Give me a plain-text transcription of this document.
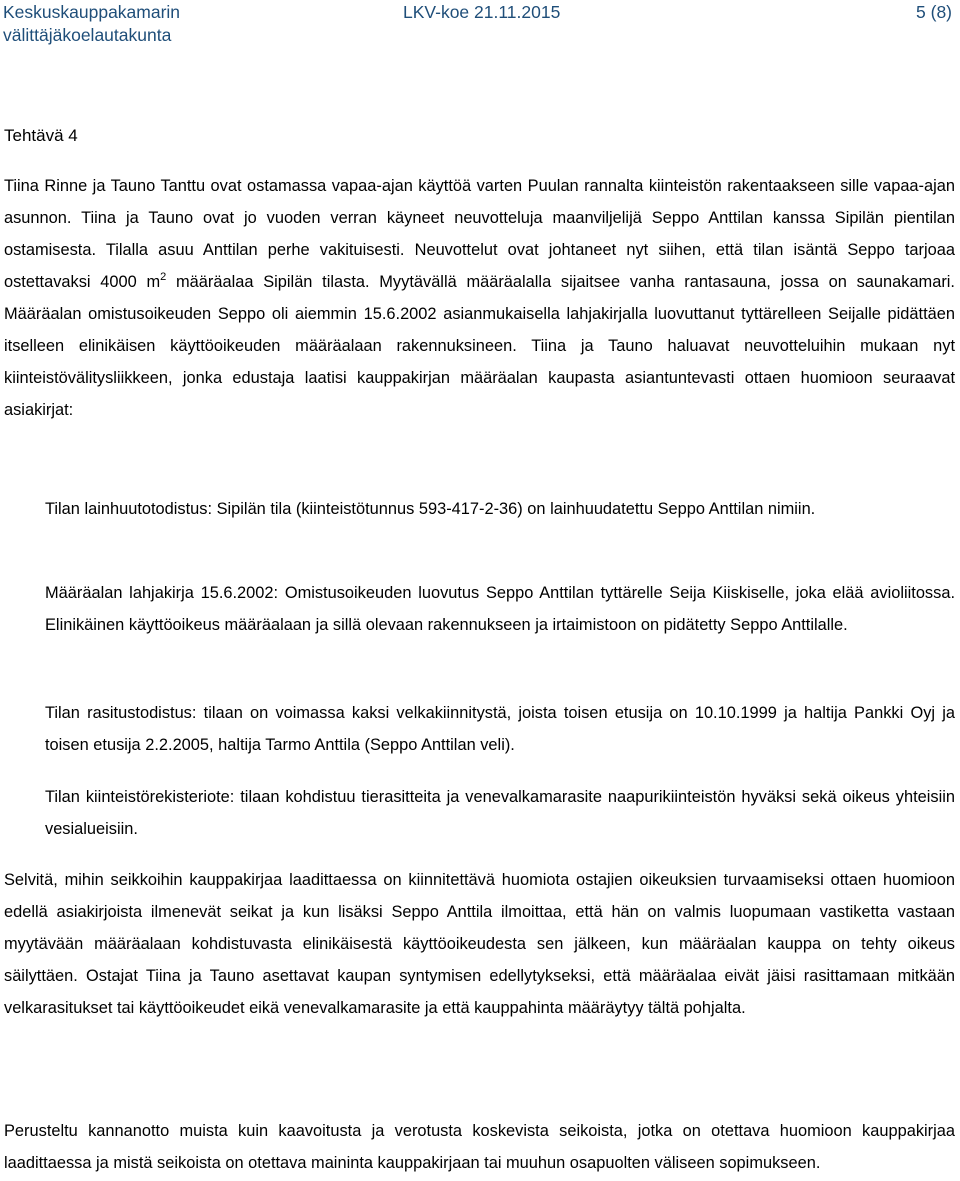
Keskuskauppakamarin
välittäjäkoelautakunta
LKV-koe 21.11.2015	5 (8)
Tehtävä 4
Tiina Rinne ja Tauno Tanttu ovat ostamassa vapaa-ajan käyttöä varten Puulan rannalta kiinteistön rakentaakseen sille vapaa-ajan asunnon. Tiina ja Tauno ovat jo vuoden verran käyneet neuvotteluja maanviljelijä Seppo Anttilan kanssa Sipilän pientilan ostamisesta. Tilalla asuu Anttilan perhe vakituisesti. Neuvottelut ovat johtaneet nyt siihen, että tilan isäntä Seppo tarjoaa ostettavaksi 4000 $m^2$ määräalaa Sipilän tilasta. Myytävällä määräalalla sijaitsee vanha rantasauna, jossa on saunakamari. Määräalan omistusoikeuden Seppo oli aiemmin 15.6.2002 asianmukaisella lahjakirjalla luovuttanut tyttärelleen Seijalle pidättäen itselleen elinikäisen käyttöoikeuden määräalaan rakennuksineen. Tiina ja Tauno haluavat neuvotteluihin mukaan nyt kiinteistövälitysliikkeen, jonka edustaja laatisi kauppakirjan määräalan kaupasta asiantuntevasti ottaen huomioon seuraavat asiakirjat:
Tilan lainhuutotodistus: Sipilän tila (kiinteistötunnus 593-417-2-36) on lainhuudatettu Seppo Anttilan nimiin.
Määräalan lahjakirja 15.6.2002: Omistusoikeuden luovutus Seppo Anttilan tyttärelle Seija Kiiskiselle, joka elää avioliitossa. Elinikäinen käyttöoikeus määräalaan ja sillä olevaan rakennukseen ja irtaimistoon on pidätetty Seppo Anttilalle.
Tilan rasitustodistus: tilaan on voimassa kaksi velkakiinnitystä, joista toisen etusija on 10.10.1999 ja haltija Pankki Oyj ja toisen etusija 2.2.2005, haltija Tarmo Anttila (Seppo Anttilan veli).
Tilan kiinteistörekisteriote: tilaan kohdistuu tierasitteita ja venevalkamarasite naapurikiinteistön hyväksi sekä oikeus yhteisiin vesialueisiin.
Selvitä, mihin seikkoihin kauppakirjaa laadittaessa on kiinnitettävä huomiota ostajien oikeuksien turvaamiseksi ottaen huomioon edellä asiakirjoista ilmenevät seikat ja kun lisäksi Seppo Anttila ilmoittaa, että hän on valmis luopumaan vastiketta vastaan myytävään määräalaan kohdistuvasta elinikäisestä käyttöoikeudesta sen jälkeen, kun määräalan kauppa on tehty oikeus säilyttäen. Ostajat Tiina ja Tauno asettavat kaupan syntymisen edellytykseksi, että määräalaa eivät jäisi rasittamaan mitkään velkarasitukset tai käyttöoikeudet eikä venevalkamarasite ja että kauppahinta määräytyy tältä pohjalta.
Perusteltu kannanotto muista kuin kaavoitusta ja verotusta koskevista seikoista, jotka on otettava huomioon kauppakirjaa laadittaessa ja mistä seikoista on otettava maininta kauppakirjaan tai muuhun osapuolten väliseen sopimukseen.
